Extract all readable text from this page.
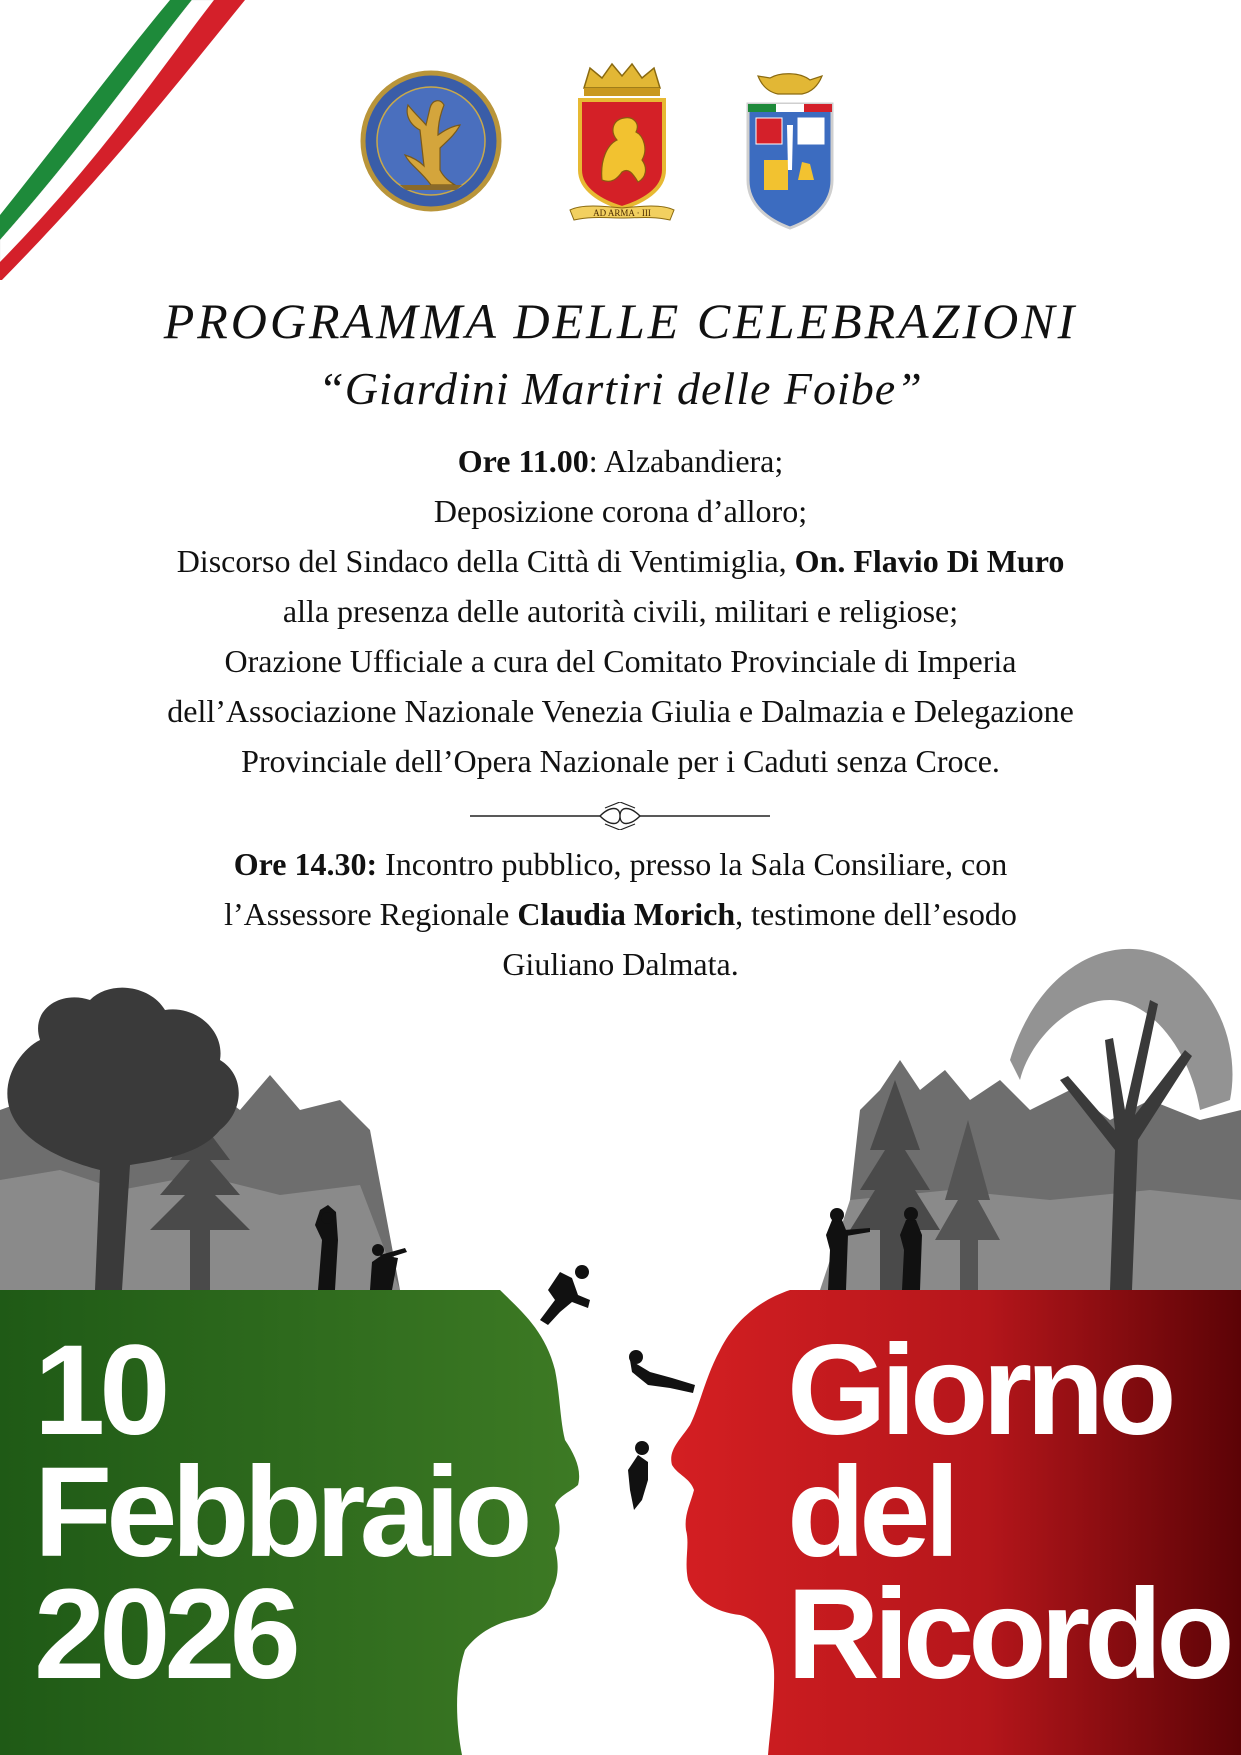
AD ARMA · III
PROGRAMMA DELLE CELEBRAZIONI
“Giardini Martiri delle Foibe”
Ore 11.00: Alzabandiera;
Deposizione corona d’alloro;
Discorso del Sindaco della Città di Ventimiglia, On. Flavio Di Muro
alla presenza delle autorità civili, militari e religiose;
Orazione Ufficiale a cura del Comitato Provinciale di Imperia
dell’Associazione Nazionale Venezia Giulia e Dalmazia e Delegazione
Provinciale dell’Opera Nazionale per i Caduti senza Croce.
Ore 14.30: Incontro pubblico, presso la Sala Consiliare, con
l’Assessore Regionale Claudia Morich, testimone dell’esodo
Giuliano Dalmata.
10
Febbraio
2026
Giorno
del
Ricordo
